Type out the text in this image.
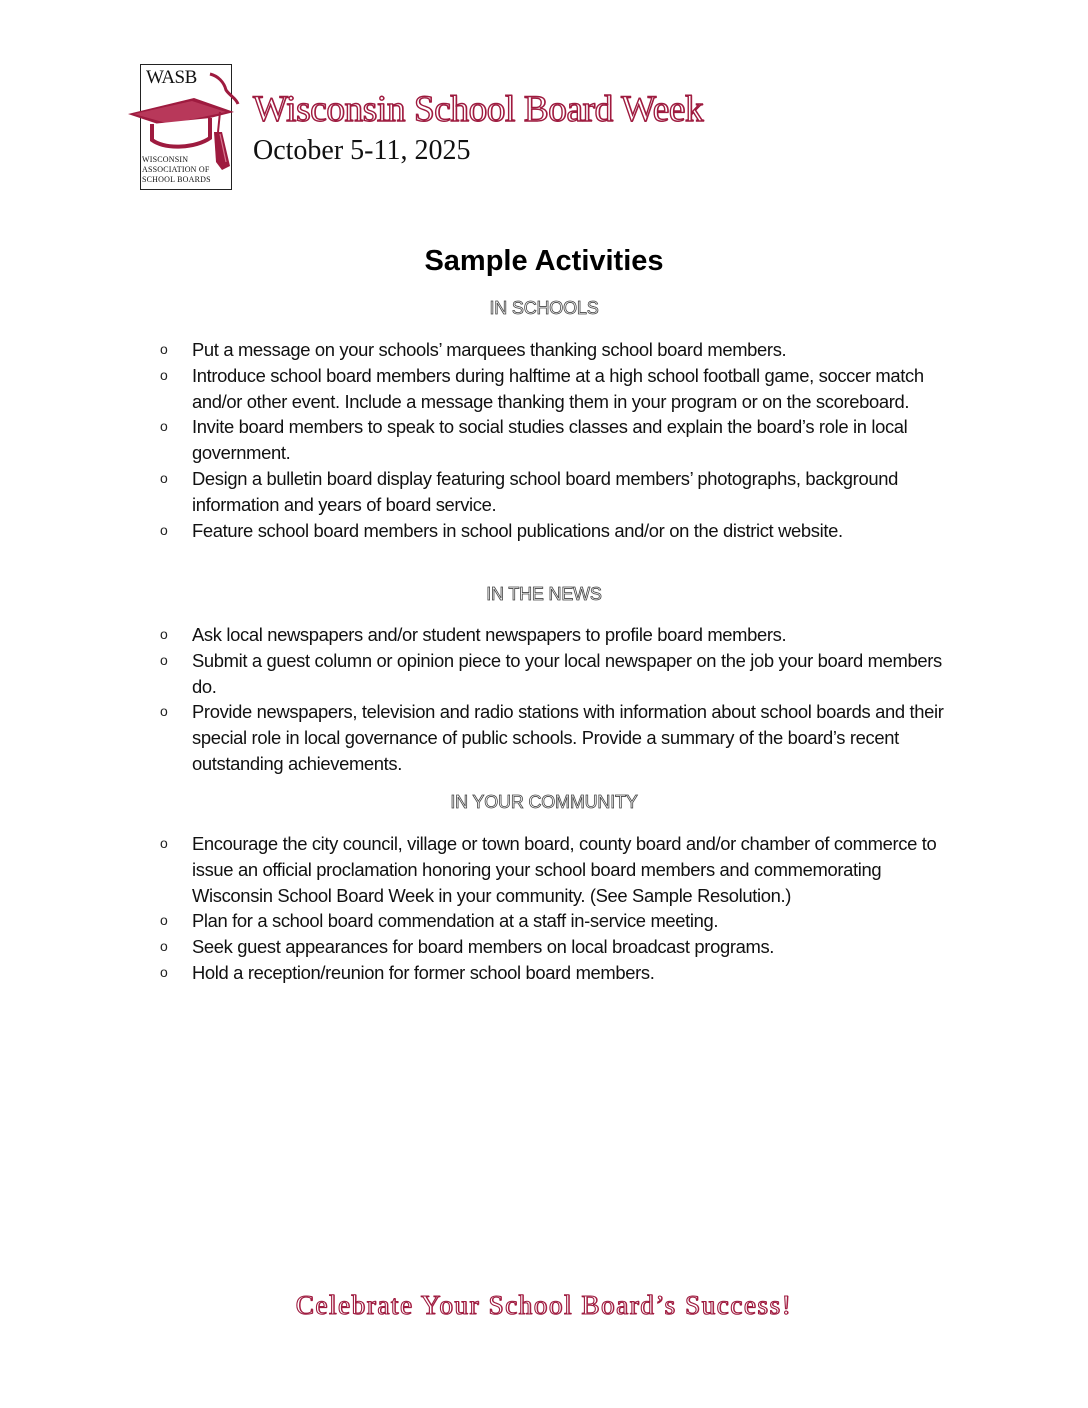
WASB
WISCONSIN
ASSOCIATION OF
SCHOOL BOARDS
Wisconsin School Board Week
October 5-11, 2025
Sample Activities
IN SCHOOLS
o Put a message on your schools’ marquees thanking school board members.
o Introduce school board members during halftime at a high school football game, soccer match and/or other event. Include a message thanking them in your program or on the scoreboard.
o Invite board members to speak to social studies classes and explain the board’s role in local government.
o Design a bulletin board display featuring school board members’ photographs, background information and years of board service.
o Feature school board members in school publications and/or on the district website.
IN THE NEWS
o Ask local newspapers and/or student newspapers to profile board members.
o Submit a guest column or opinion piece to your local newspaper on the job your board members do.
o Provide newspapers, television and radio stations with information about school boards and their special role in local governance of public schools. Provide a summary of the board’s recent outstanding achievements.
IN YOUR COMMUNITY
o Encourage the city council, village or town board, county board and/or chamber of commerce to issue an official proclamation honoring your school board members and commemorating Wisconsin School Board Week in your community. (See Sample Resolution.)
o Plan for a school board commendation at a staff in-service meeting.
o Seek guest appearances for board members on local broadcast programs.
o Hold a reception/reunion for former school board members.
Celebrate Your School Board’s Success!
